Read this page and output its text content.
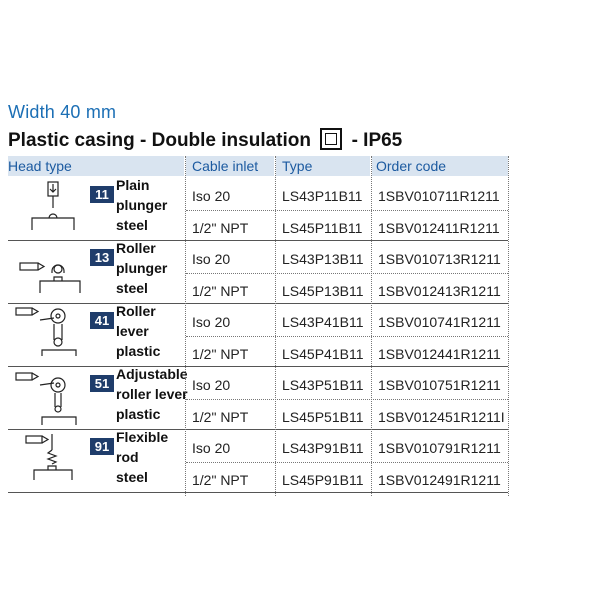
Width 40 mm
Plastic casing - Double insulation - IP65
Head type	Cable inlet Type	Order code
11
Plain
plunger
steel
Iso 20	LS43P11B11 1SBV010711R1211
1/2" NPT LS45P11B11 1SBV012411R1211
13
Roller
plunger
steel
Iso 20	LS43P13B11 1SBV010713R1211
1/2" NPT LS45P13B11 1SBV012413R1211
41
Roller
lever
plastic
Iso 20	LS43P41B11 1SBV010741R1211
1/2" NPT LS45P41B11 1SBV012441R1211
51
Adjustable
roller lever
plastic
Iso 20	LS43P51B11 1SBV010751R1211
1/2" NPT LS45P51B11 1SBV012451R1211I
91
Flexible
rod
steel
Iso 20	LS43P91B11 1SBV010791R1211
1/2" NPT LS45P91B11 1SBV012491R1211
